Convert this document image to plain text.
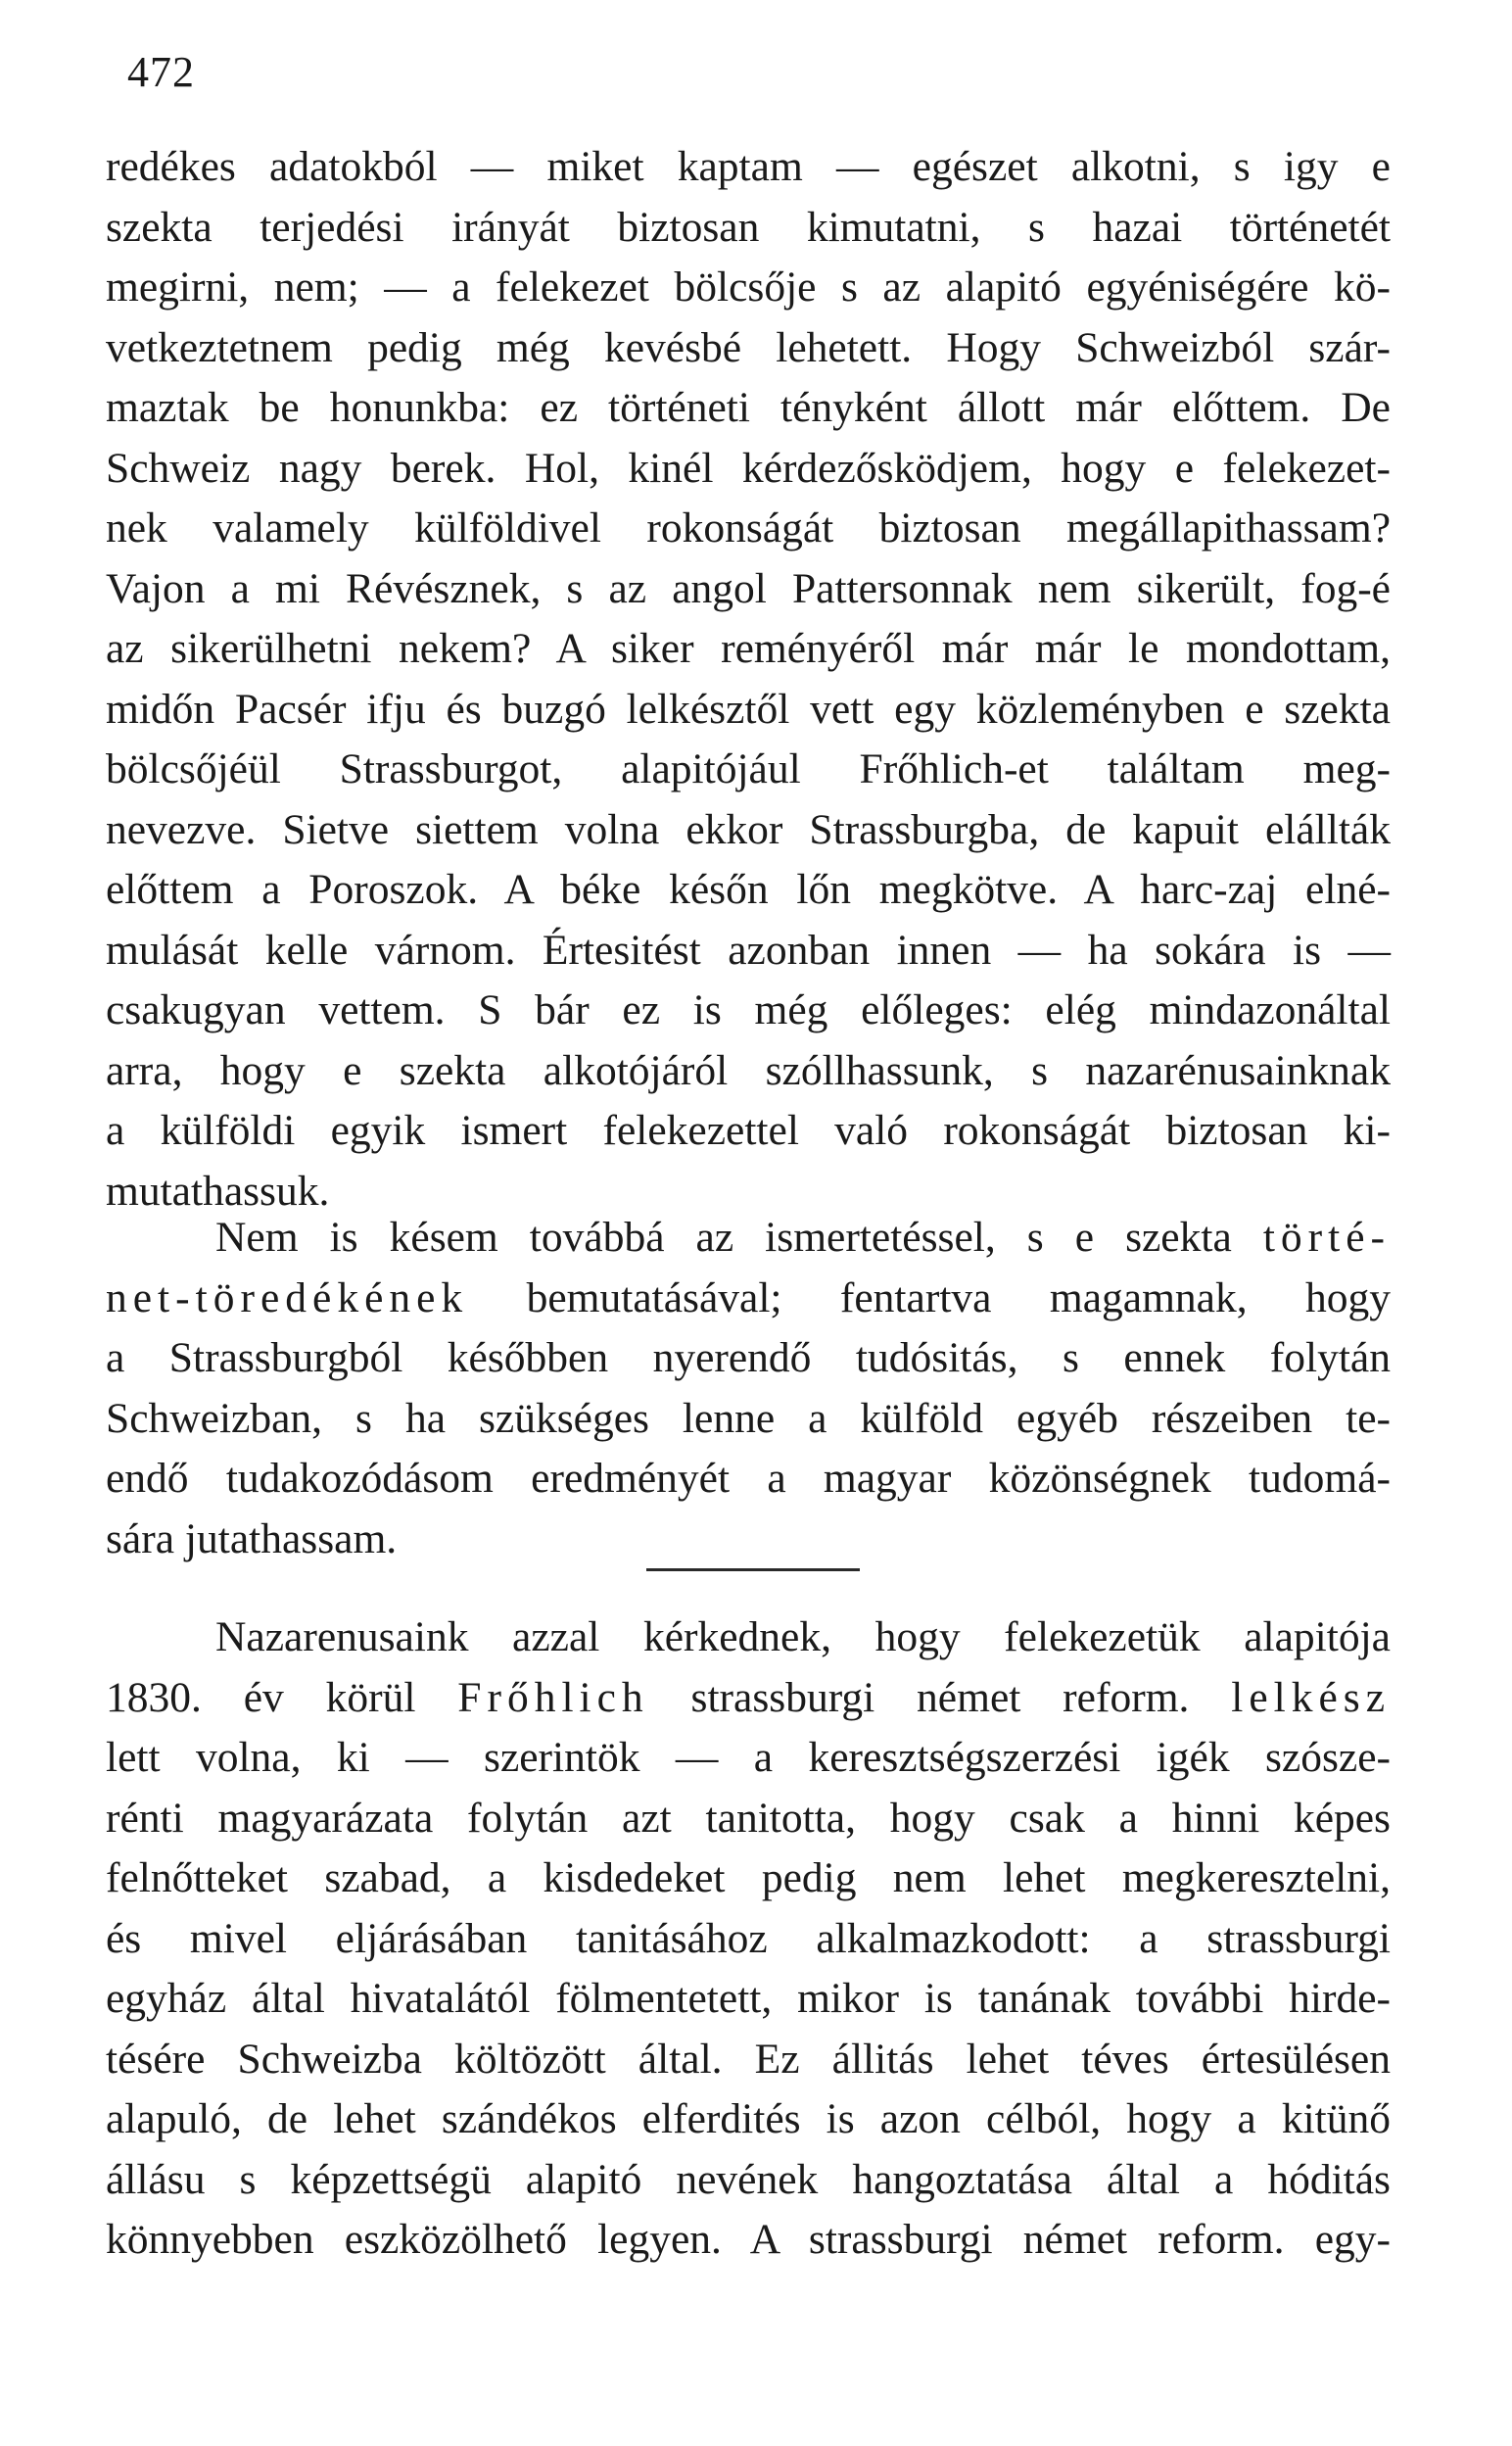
472
redékes adatokból — miket kaptam — egészet alkotni, s igy e
szekta terjedési irányát biztosan kimutatni, s hazai történetét
megirni, nem; — a felekezet bölcsője s az alapitó egyéniségére kö-
vetkeztetnem pedig még kevésbé lehetett. Hogy Schweizból szár-
maztak be honunkba: ez történeti tényként állott már előttem. De
Schweiz nagy berek. Hol, kinél kérdezősködjem, hogy e felekezet-
nek valamely külföldivel rokonságát biztosan megállapithassam?
Vajon a mi Révésznek, s az angol Pattersonnak nem sikerült, fog-é
az sikerülhetni nekem? A siker reményéről már már le mondottam,
midőn Pacsér ifju és buzgó lelkésztől vett egy közleményben e szekta
bölcsőjéül Strassburgot, alapitójául Frőhlich-et találtam meg-
nevezve. Sietve siettem volna ekkor Strassburgba, de kapuit elállták
előttem a Poroszok. A béke későn lőn megkötve. A harc-zaj elné-
mulását kelle várnom. Értesitést azonban innen — ha sokára is —
csakugyan vettem. S bár ez is még előleges: elég mindazonáltal
arra, hogy e szekta alkotójáról szóllhassunk, s nazarénusainknak
a külföldi egyik ismert felekezettel való rokonságát biztosan ki-
mutathassuk.
Nem is késem továbbá az ismertetéssel, s e szekta törté-
net-töredékének bemutatásával; fentartva magamnak, hogy
a Strassburgból későbben nyerendő tudósitás, s ennek folytán
Schweizban, s ha szükséges lenne a külföld egyéb részeiben te-
endő tudakozódásom eredményét a magyar közönségnek tudomá-
sára jutathassam.
Nazarenusaink azzal kérkednek, hogy felekezetük alapitója
1830. év körül Frőhlich strassburgi német reform. lelkész
lett volna, ki — szerintök — a keresztségszerzési igék szósze-
rénti magyarázata folytán azt tanitotta, hogy csak a hinni képes
felnőtteket szabad, a kisdedeket pedig nem lehet megkeresztelni,
és mivel eljárásában tanitásához alkalmazkodott: a strassburgi
egyház által hivatalától fölmentetett, mikor is tanának további hirde-
tésére Schweizba költözött által. Ez állitás lehet téves értesülésen
alapuló, de lehet szándékos elferdités is azon célból, hogy a kitünő
állásu s képzettségü alapitó nevének hangoztatása által a hóditás
könnyebben eszközölhető legyen. A strassburgi német reform. egy-
